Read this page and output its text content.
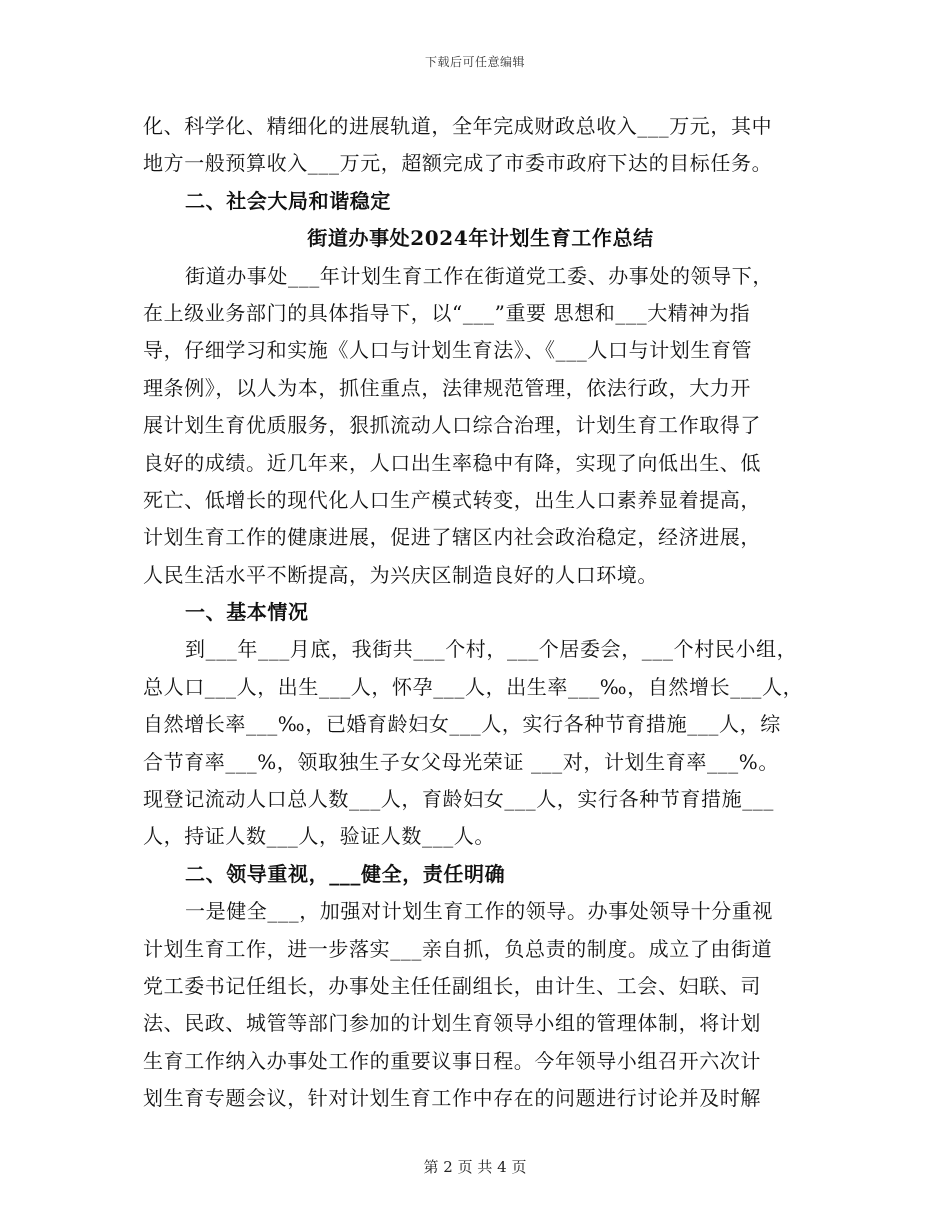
下载后可任意编辑
化、科学化、精细化的进展轨道，全年完成财政总收入___万元，其中
地方一般预算收入___万元，超额完成了市委市政府下达的目标任务。
二、社会大局和谐稳定
街道办事处2024年计划生育工作总结
街道办事处___年计划生育工作在街道党工委、办事处的领导下，
在上级业务部门的具体指导下，以“___”重要 思想和___大精神为指
导，仔细学习和实施《人口与计划生育法》、《___人口与计划生育管
理条例》，以人为本，抓住重点，法律规范管理，依法行政，大力开
展计划生育优质服务，狠抓流动人口综合治理，计划生育工作取得了
良好的成绩。近几年来，人口出生率稳中有降，实现了向低出生、低
死亡、低增长的现代化人口生产模式转变，出生人口素养显着提高，
计划生育工作的健康进展，促进了辖区内社会政治稳定，经济进展，
人民生活水平不断提高，为兴庆区制造良好的人口环境。
一、基本情况
到___年___月底，我街共___个村，___个居委会，___个村民小组，
总人口___人，出生___人，怀孕___人，出生率___‰，自然增长___人，
自然增长率___‰，已婚育龄妇女___人，实行各种节育措施___人，综
合节育率___%，领取独生子女父母光荣证 ___对，计划生育率___%。
现登记流动人口总人数___人，育龄妇女___人，实行各种节育措施___
人，持证人数___人，验证人数___人。
二、领导重视，___健全，责任明确
一是健全___，加强对计划生育工作的领导。办事处领导十分重视
计划生育工作，进一步落实___亲自抓，负总责的制度。成立了由街道
党工委书记任组长，办事处主任任副组长，由计生、工会、妇联、司
法、民政、城管等部门参加的计划生育领导小组的管理体制，将计划
生育工作纳入办事处工作的重要议事日程。今年领导小组召开六次计
划生育专题会议，针对计划生育工作中存在的问题进行讨论并及时解
第 2 页 共 4 页
